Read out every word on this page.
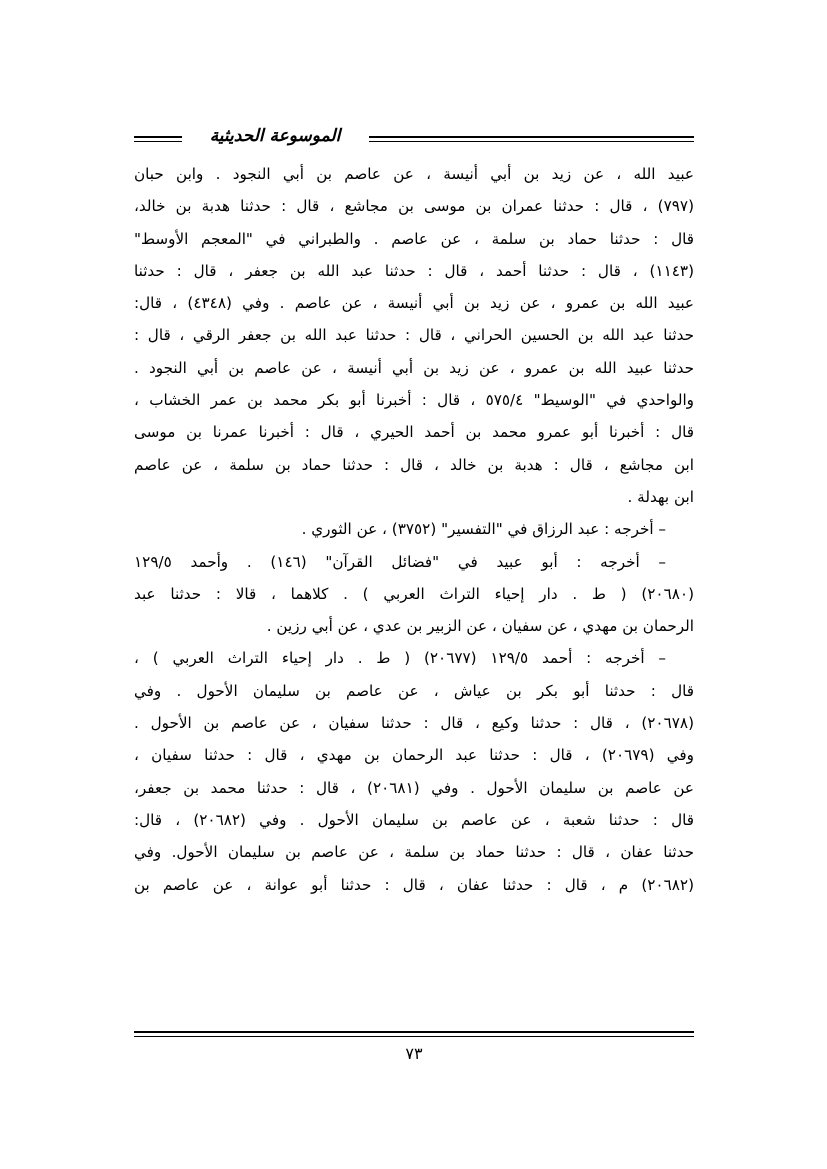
الموسوعة الحديثية

عبيد الله ، عن زيد بن أبي أنيسة ، عن عاصم بن أبي النجود . وابن حبان

(٧٩٧) ، قال : حدثنا عمران بن موسى بن مجاشع ، قال : حدثنا هدبة بن خالد،

قال : حدثنا حماد بن سلمة ، عن عاصم . والطبراني في "المعجم الأوسط"

(١١٤٣) ، قال : حدثنا أحمد ، قال : حدثنا عبد الله بن جعفر ، قال : حدثنا

عبيد الله بن عمرو ، عن زيد بن أبي أنيسة ، عن عاصم . وفي (٤٣٤٨) ، قال:

حدثنا عبد الله بن الحسين الحراني ، قال : حدثنا عبد الله بن جعفر الرقي ، قال :

حدثنا عبيد الله بن عمرو ، عن زيد بن أبي أنيسة ، عن عاصم بن أبي النجود .

والواحدي في "الوسيط" ٥٧٥/٤ ، قال : أخبرنا أبو بكر محمد بن عمر الخشاب ،

قال : أخبرنا أبو عمرو محمد بن أحمد الحيري ، قال : أخبرنا عمرنا بن موسى

ابن مجاشع ، قال : هدبة بن خالد ، قال : حدثنا حماد بن سلمة ، عن عاصم

ابن بهدلة .

– أخرجه : عبد الرزاق في "التفسير" (٣٧٥٢) ، عن الثوري .

– أخرجه : أبو عبيد في "فضائل القرآن" (١٤٦) . وأحمد ١٢٩/٥

(٢٠٦٨٠) ( ط . دار إحياء التراث العربي ) . كلاهما ، قالا : حدثنا عبد

الرحمان بن مهدي ، عن سفيان ، عن الزبير بن عدي ، عن أبي رزين .

– أخرجه : أحمد ١٢٩/٥ (٢٠٦٧٧) ( ط . دار إحياء التراث العربي ) ،

قال : حدثنا أبو بكر بن عياش ، عن عاصم بن سليمان الأحول . وفي

(٢٠٦٧٨) ، قال : حدثنا وكيع ، قال : حدثنا سفيان ، عن عاصم بن الأحول .

وفي (٢٠٦٧٩) ، قال : حدثنا عبد الرحمان بن مهدي ، قال : حدثنا سفيان ،

عن عاصم بن سليمان الأحول . وفي (٢٠٦٨١) ، قال : حدثنا محمد بن جعفر،

قال : حدثنا شعبة ، عن عاصم بن سليمان الأحول . وفي (٢٠٦٨٢) ، قال:

حدثنا عفان ، قال : حدثنا حماد بن سلمة ، عن عاصم بن سليمان الأحول. وفي

(٢٠٦٨٢) م ، قال : حدثنا عفان ، قال : حدثنا أبو عوانة ، عن عاصم بن

٧٣
